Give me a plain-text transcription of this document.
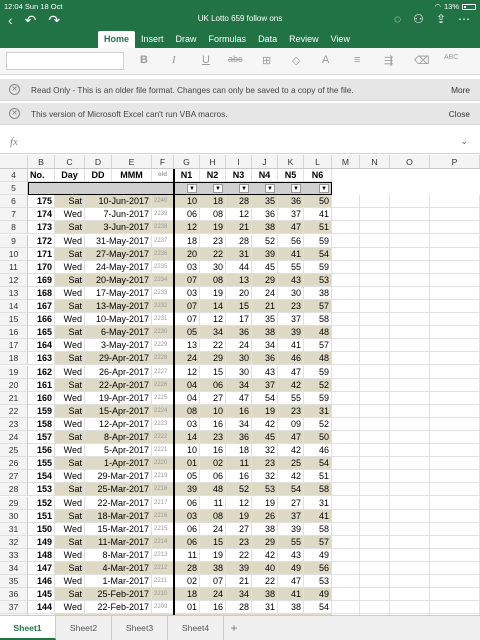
12:04 Sun 18 Oct	◠ 13%
‹ ↶ ↷	UK Lotto 659 follow ons	◌ ⚇ ⇪ ⋯
Home	Insert	Draw	Formulas	Data	Review	View
B I U abc ⊞ ◇ A ≡ ⇶ ⌫ ABC
✕	Read Only - This is an older file format. Changes can only be saved to a copy of the file.	More
✕	This version of Microsoft Excel can't run VBA macros.	Close
fx	⌄
B	C	D	E	F	G	H	I	J	K	L	M	N	O	P
4	No.	Day	DD	MMM	old	N1	N2	N3	N4	N5	N6
5	▼	▼	▼	▼	▼	▼
6	175	Sat	10-Jun-2017 2240	10	18	28	35	36	50
7	174	Wed	7-Jun-2017 2239	06	08	12	36	37	41
8	173	Sat	3-Jun-2017 2238	12	19	21	38	47	51
9	172	Wed	31-May-2017 2237	18	23	28	52	56	59
10	171	Sat	27-May-2017 2236	20	22	31	39	41	54
11	170	Wed	24-May-2017 2235	03	30	44	45	55	59
12	169	Sat	20-May-2017 2234	07	08	13	29	43	53
13	168	Wed	17-May-2017 2233	03	19	20	24	30	38
14	167	Sat	13-May-2017 2232	07	14	15	21	23	57
15	166	Wed	10-May-2017 2231	07	12	17	35	37	58
16	165	Sat	6-May-2017 2230	05	34	36	38	39	48
17	164	Wed	3-May-2017 2229	13	22	24	34	41	57
18	163	Sat	29-Apr-2017 2228	24	29	30	36	46	48
19	162	Wed	26-Apr-2017 2227	12	15	30	43	47	59
20	161	Sat	22-Apr-2017 2226	04	06	34	37	42	52
21	160	Wed	19-Apr-2017 2225	04	27	47	54	55	59
22	159	Sat	15-Apr-2017 2224	08	10	16	19	23	31
23	158	Wed	12-Apr-2017 2223	03	16	34	42	09	52
24	157	Sat	8-Apr-2017 2222	14	23	36	45	47	50
25	156	Wed	5-Apr-2017 2221	10	16	18	32	42	46
26	155	Sat	1-Apr-2017 2220	01	02	11	23	25	54
27	154	Wed	29-Mar-2017 2219	05	06	16	32	42	51
28	153	Sat	25-Mar-2017 2218	39	48	52	53	54	58
29	152	Wed	22-Mar-2017 2217	06	11	12	19	27	31
30	151	Sat	18-Mar-2017 2216	03	08	19	26	37	41
31	150	Wed	15-Mar-2017 2215	06	24	27	38	39	58
32	149	Sat	11-Mar-2017 2214	06	15	23	29	55	57
33	148	Wed	8-Mar-2017 2213	11	19	22	42	43	49
34	147	Sat	4-Mar-2017 2212	28	38	39	40	49	56
35	146	Wed	1-Mar-2017 2211	02	07	21	22	47	53
36	145	Sat	25-Feb-2017 2210	18	24	34	38	41	49
37	144	Wed	22-Feb-2017 2209	01	16	28	31	38	54
Sheet1	Sheet2	Sheet3	Sheet4	+
